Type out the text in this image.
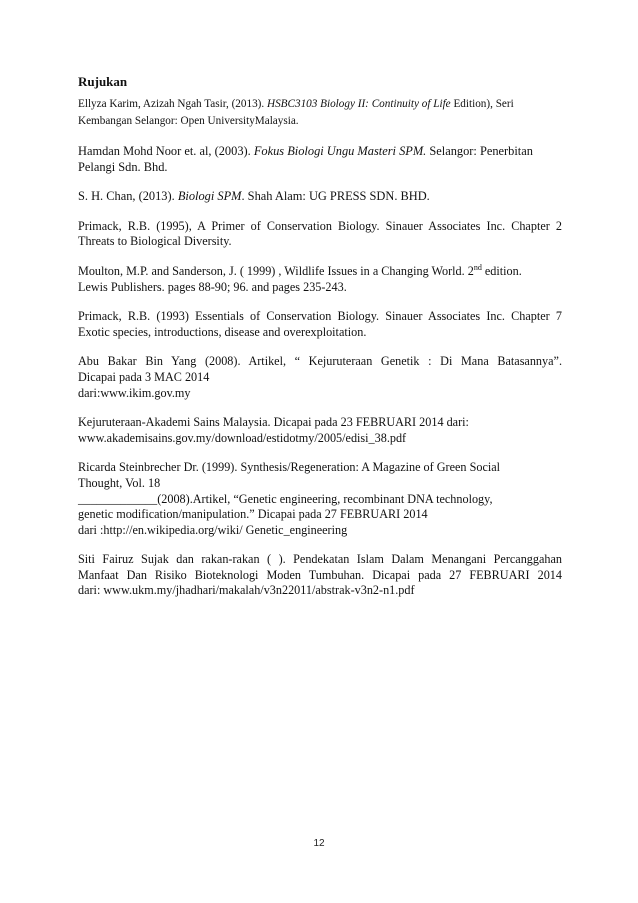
Rujukan
Ellyza Karim, Azizah Ngah Tasir, (2013). HSBC3103 Biology II: Continuity of Life Edition), Seri
Kembangan Selangor: Open UniversityMalaysia.
Hamdan Mohd Noor et. al, (2003). Fokus Biologi Ungu Masteri SPM. Selangor: Penerbitan
Pelangi Sdn. Bhd.
S. H. Chan, (2013). Biologi SPM. Shah Alam: UG PRESS SDN. BHD.
Primack, R.B. (1995), A Primer of Conservation Biology. Sinauer Associates Inc. Chapter 2
Threats to Biological Diversity.
Moulton, M.P. and Sanderson, J. ( 1999) , Wildlife Issues in a Changing World. 2nd edition.
Lewis Publishers. pages 88-90; 96. and pages 235-243.
Primack, R.B. (1993) Essentials of Conservation Biology. Sinauer Associates Inc. Chapter 7
Exotic species, introductions, disease and overexploitation.
Abu Bakar Bin Yang (2008). Artikel, “ Kejuruteraan Genetik : Di Mana Batasannya”.
Dicapai pada 3 MAC 2014
dari:www.ikim.gov.my
Kejuruteraan-Akademi Sains Malaysia. Dicapai pada 23 FEBRUARI 2014 dari:
www.akademisains.gov.my/download/estidotmy/2005/edisi_38.pdf
Ricarda Steinbrecher Dr. (1999). Synthesis/Regeneration: A Magazine of Green Social
Thought, Vol. 18
_____________(2008).Artikel, “Genetic engineering, recombinant DNA technology,
genetic modification/manipulation.” Dicapai pada 27 FEBRUARI 2014
dari :http://en.wikipedia.org/wiki/ Genetic_engineering
Siti Fairuz Sujak dan rakan-rakan ( ). Pendekatan Islam Dalam Menangani Percanggahan
Manfaat Dan Risiko Bioteknologi Moden Tumbuhan. Dicapai pada 27 FEBRUARI 2014
dari: www.ukm.my/jhadhari/makalah/v3n22011/abstrak-v3n2-n1.pdf
12
